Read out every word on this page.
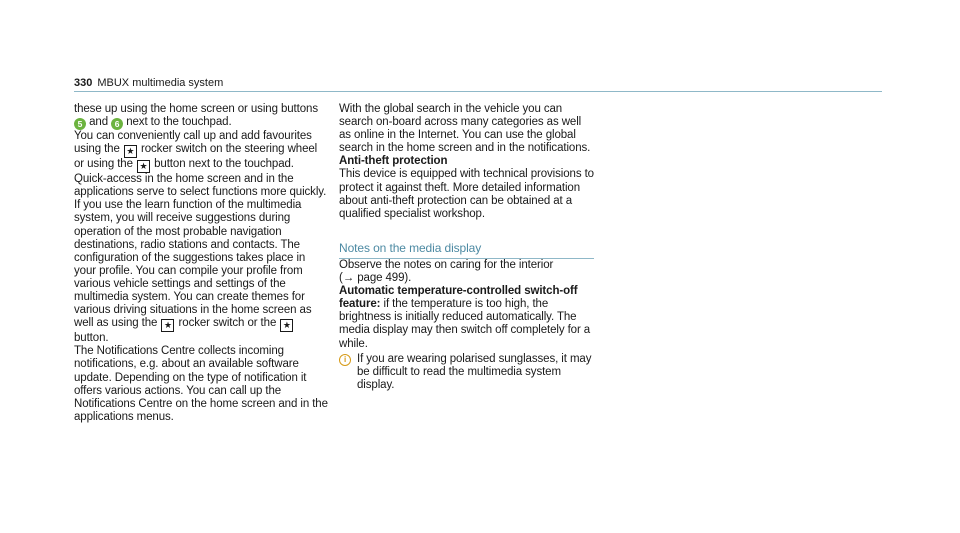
330 MBUX multimedia system

these up using the home screen or using buttons 5 and 6 next to the touchpad.

You can conveniently call up and add favourites using the ★ rocker switch on the steering wheel or using the ★ button next to the touchpad. Quick-access in the home screen and in the applications serve to select functions more quickly.

If you use the learn function of the multimedia system, you will receive suggestions during operation of the most probable navigation destinations, radio stations and contacts. The configuration of the suggestions takes place in your profile. You can compile your profile from various vehicle settings and settings of the multimedia system. You can create themes for various driving situations in the home screen as well as using the ★ rocker switch or the ★ button.

The Notifications Centre collects incoming notifications, e.g. about an available software update. Depending on the type of notification it offers various actions. You can call up the Notifications Centre on the home screen and in the applications menus.

With the global search in the vehicle you can search on-board across many categories as well as online in the Internet. You can use the global search in the home screen and in the notifications.

Anti-theft protection

This device is equipped with technical provisions to protect it against theft. More detailed information about anti-theft protection can be obtained at a qualified specialist workshop.

Notes on the media display

Observe the notes on caring for the interior
(→ page 499).

Automatic temperature-controlled switch-off feature: if the temperature is too high, the brightness is initially reduced automatically. The media display may then switch off completely for a while.

i If you are wearing polarised sunglasses, it may be difficult to read the multimedia system display.
